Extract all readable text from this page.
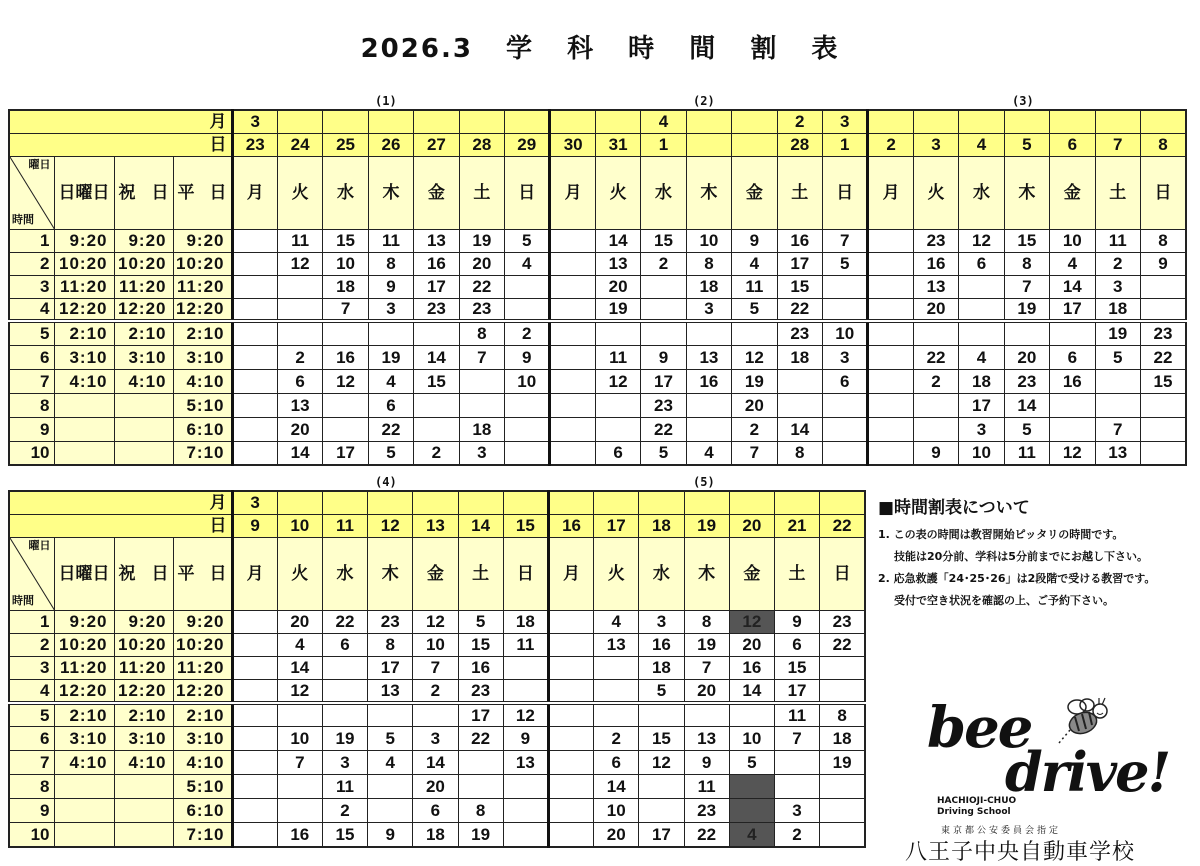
2026.3 学 科 時 間 割 表
(1)	(2)	(3)
(4)	(5)
月				3									4			2	3							
日				23	24	25	26	27	28	29	30	31	1			28	1	2	3	4	5	6	7	8

曜日
時間	日曜日	祝 日	平 日	月	火	水	木	金	土	日	月	火	水	木	金	土	日	月	火	水	木	金	土	日
1	9:20	9:20	9:20		11	15	11	13	19	5		14	15	10	9	16	7		23	12	15	10	11	8
2	10:20	10:20	10:20		12	10	8	16	20	4		13	2	8	4	17	5		16	6	8	4	2	9
3	11:20	11:20	11:20			18	9	17	22			20		18	11	15			13		7	14	3	
4	12:20	12:20	12:20			7	3	23	23			19		3	5	22			20		19	17	18	
5	2:10	2:10	2:10						8	2						23	10						19	23
6	3:10	3:10	3:10		2	16	19	14	7	9		11	9	13	12	18	3		22	4	20	6	5	22
7	4:10	4:10	4:10		6	12	4	15		10		12	17	16	19		6		2	18	23	16		15
8			5:10		13		6						23		20					17	14			
9			6:10		20		22		18				22		2	14				3	5		7	
10			7:10		14	17	5	2	3			6	5	4	7	8			9	10	11	12	13	
月				3													
日				9	10	11	12	13	14	15	16	17	18	19	20	21	22

曜日
時間	日曜日	祝 日	平 日	月	火	水	木	金	土	日	月	火	水	木	金	土	日
1	9:20	9:20	9:20		20	22	23	12	5	18		4	3	8	12	9	23
2	10:20	10:20	10:20		4	6	8	10	15	11		13	16	19	20	6	22
3	11:20	11:20	11:20		14		17	7	16				18	7	16	15	
4	12:20	12:20	12:20		12		13	2	23				5	20	14	17	
5	2:10	2:10	2:10						17	12						11	8
6	3:10	3:10	3:10		10	19	5	3	22	9		2	15	13	10	7	18
7	4:10	4:10	4:10		7	3	4	14		13		6	12	9	5		19
8			5:10			11		20				14		11			
9			6:10			2		6	8			10		23		3	
10			7:10		16	15	9	18	19			20	17	22	4	2	
■時間割表について
1. この表の時間は教習開始ピッタリの時間です。
技能は20分前、学科は5分前までにお越し下さい。
2. 応急救護「24･25･26」は2段階で受ける教習です。
受付で空き状況を確認の上、ご予約下さい。
bee
drive!
HACHIOJI-CHUO
Driving School
東京都公安委員会指定
八王子中央自動車学校
